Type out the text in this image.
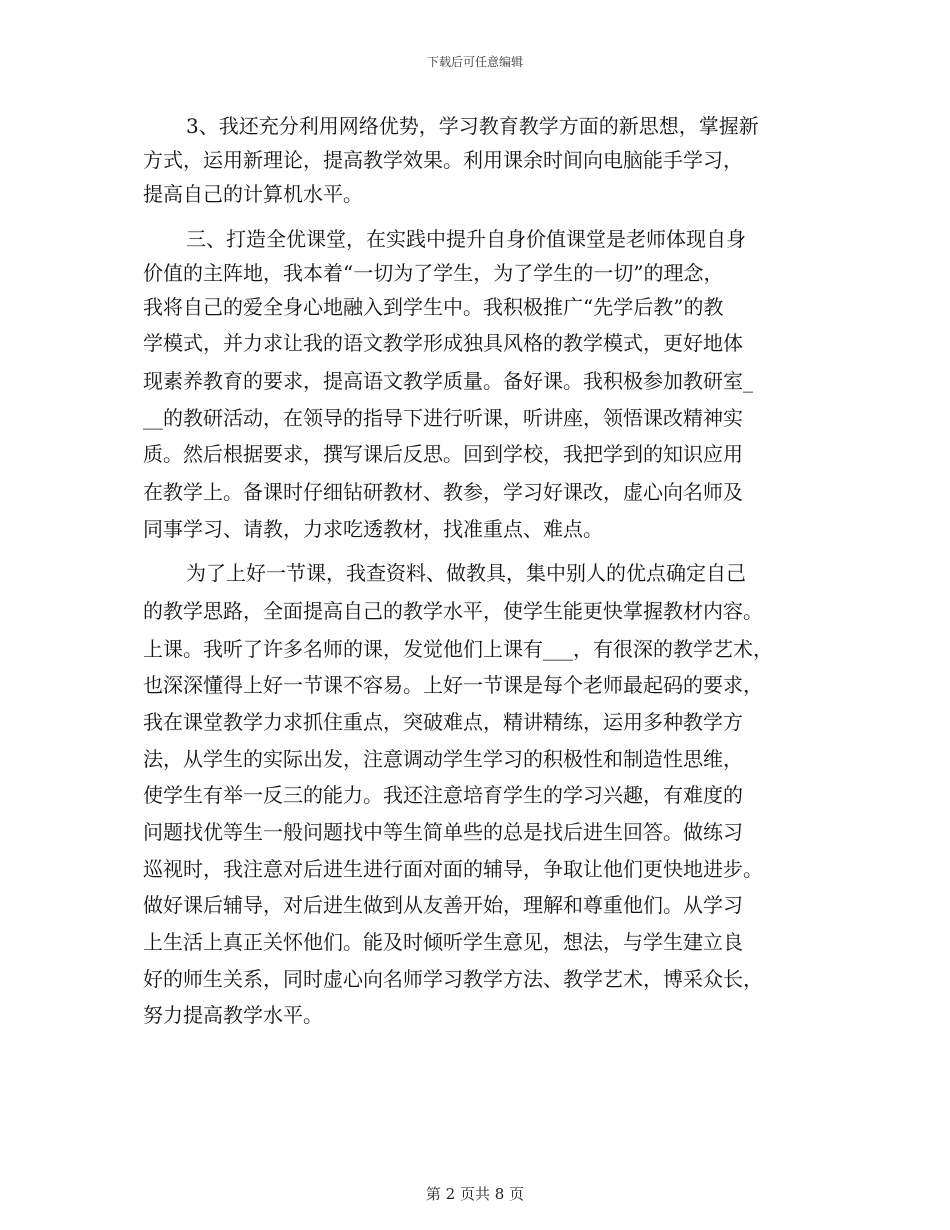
下载后可任意编辑
3、我还充分利用网络优势，学习教育教学方面的新思想，掌握新
方式，运用新理论，提高教学效果。利用课余时间向电脑能手学习，
提高自己的计算机水平。
三、打造全优课堂，在实践中提升自身价值课堂是老师体现自身
价值的主阵地，我本着“一切为了学生，为了学生的一切”的理念，
我将自己的爱全身心地融入到学生中。我积极推广“先学后教”的教
学模式，并力求让我的语文教学形成独具风格的教学模式，更好地体
现素养教育的要求，提高语文教学质量。备好课。我积极参加教研室_
__的教研活动，在领导的指导下进行听课，听讲座，领悟课改精神实
质。然后根据要求，撰写课后反思。回到学校，我把学到的知识应用
在教学上。备课时仔细钻研教材、教参，学习好课改，虚心向名师及
同事学习、请教，力求吃透教材，找准重点、难点。
为了上好一节课，我查资料、做教具，集中别人的优点确定自己
的教学思路，全面提高自己的教学水平，使学生能更快掌握教材内容。
上课。我听了许多名师的课，发觉他们上课有___，有很深的教学艺术，
也深深懂得上好一节课不容易。上好一节课是每个老师最起码的要求，
我在课堂教学力求抓住重点，突破难点，精讲精练，运用多种教学方
法，从学生的实际出发，注意调动学生学习的积极性和制造性思维，
使学生有举一反三的能力。我还注意培育学生的学习兴趣，有难度的
问题找优等生一般问题找中等生简单些的总是找后进生回答。做练习
巡视时，我注意对后进生进行面对面的辅导，争取让他们更快地进步。
做好课后辅导，对后进生做到从友善开始，理解和尊重他们。从学习
上生活上真正关怀他们。能及时倾听学生意见，想法，与学生建立良
好的师生关系，同时虚心向名师学习教学方法、教学艺术，博采众长，
努力提高教学水平。
第 2 页共 8 页
